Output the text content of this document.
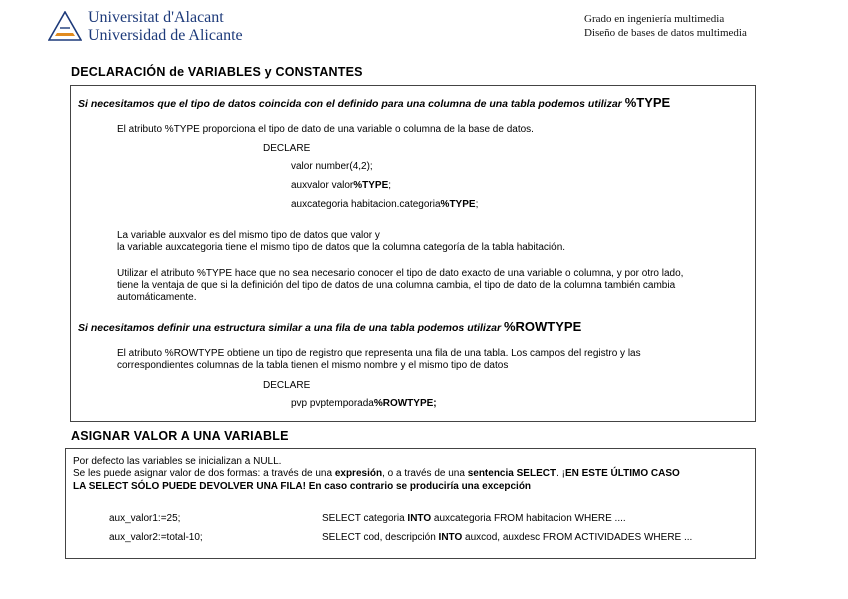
Universitat d'Alacant
Universidad de Alicante
Grado en ingeniería multimedia
Diseño de bases de datos multimedia
DECLARACIÓN de VARIABLES y CONSTANTES
Si necesitamos que el tipo de datos coincida con el definido para una columna de una tabla podemos utilizar %TYPE
El atributo %TYPE proporciona el tipo de dato de una variable o columna de la base de datos.
DECLARE
valor number(4,2);
auxvalor valor%TYPE;
auxcategoria habitacion.categoria%TYPE;
La variable auxvalor es del mismo tipo de datos que valor y
la variable auxcategoria tiene el mismo tipo de datos que la columna categoría de la tabla habitación.
Utilizar el atributo %TYPE hace que no sea necesario conocer el tipo de dato exacto de una variable o columna, y por otro lado,
tiene la ventaja de que si la definición del tipo de datos de una columna cambia, el tipo de dato de la columna también cambia
automáticamente.
Si necesitamos definir una estructura similar a una fila de una tabla podemos utilizar %ROWTYPE
El atributo %ROWTYPE obtiene un tipo de registro que representa una fila de una tabla. Los campos del registro y las
correspondientes columnas de la tabla tienen el mismo nombre y el mismo tipo de datos
DECLARE
pvp pvptemporada%ROWTYPE;
ASIGNAR VALOR A UNA VARIABLE
Por defecto las variables se inicializan a NULL.
Se les puede asignar valor de dos formas: a través de una expresión, o a través de una sentencia SELECT. ¡EN ESTE ÚLTIMO CASO
LA SELECT SÓLO PUEDE DEVOLVER UNA FILA! En caso contrario se produciría una excepción
aux_valor1:=25;	SELECT categoria INTO auxcategoria FROM habitacion WHERE ....
aux_valor2:=total-10;	SELECT cod, descripción INTO auxcod, auxdesc FROM ACTIVIDADES WHERE ...
